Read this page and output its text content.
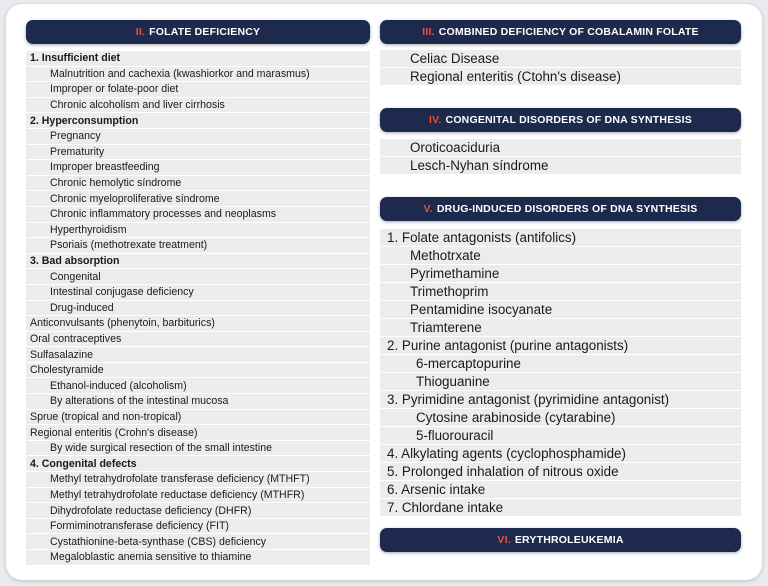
II. FOLATE DEFICIENCY
1. Insufficient diet
Malnutrition and cachexia (kwashiorkor and marasmus)
Improper or folate-poor diet
Chronic alcoholism and liver cirrhosis
2. Hyperconsumption
Pregnancy
Prematurity
Improper breastfeeding
Chronic hemolytic síndrome
Chronic myeloproliferative síndrome
Chronic inflammatory processes and neoplasms
Hyperthyroidism
Psoriais (methotrexate treatment)
3. Bad absorption
Congenital
Intestinal conjugase deficiency
Drug-induced
Anticonvulsants (phenytoin, barbiturics)
Oral contraceptives
Sulfasalazine
Cholestyramide
Ethanol-induced (alcoholism)
By alterations of the intestinal mucosa
Sprue (tropical and non-tropical)
Regional enteritis (Crohn's disease)
By wide surgical resection of the small intestine
4. Congenital defects
Methyl tetrahydrofolate transferase deficiency (MTHFT)
Methyl tetrahydrofolate reductase deficiency (MTHFR)
Dihydrofolate reductase deficiency (DHFR)
Formiminotransferase deficiency (FIT)
Cystathionine-beta-synthase (CBS) deficiency
Megaloblastic anemia sensitive to thiamine
III. COMBINED DEFICIENCY OF COBALAMIN FOLATE
Celiac Disease
Regional enteritis (Ctohn's disease)
IV. CONGENITAL DISORDERS OF DNA SYNTHESIS
Oroticoaciduria
Lesch-Nyhan síndrome
V. DRUG-INDUCED DISORDERS OF DNA SYNTHESIS
1. Folate antagonists (antifolics)
Methotrxate
Pyrimethamine
Trimethoprim
Pentamidine isocyanate
Triamterene
2. Purine antagonist (purine antagonists)
6-mercaptopurine
Thioguanine
3. Pyrimidine antagonist (pyrimidine antagonist)
Cytosine arabinoside (cytarabine)
5-fluorouracil
4. Alkylating agents (cyclophosphamide)
5. Prolonged inhalation of nitrous oxide
6. Arsenic intake
7. Chlordane intake
VI. ERYTHROLEUKEMIA
